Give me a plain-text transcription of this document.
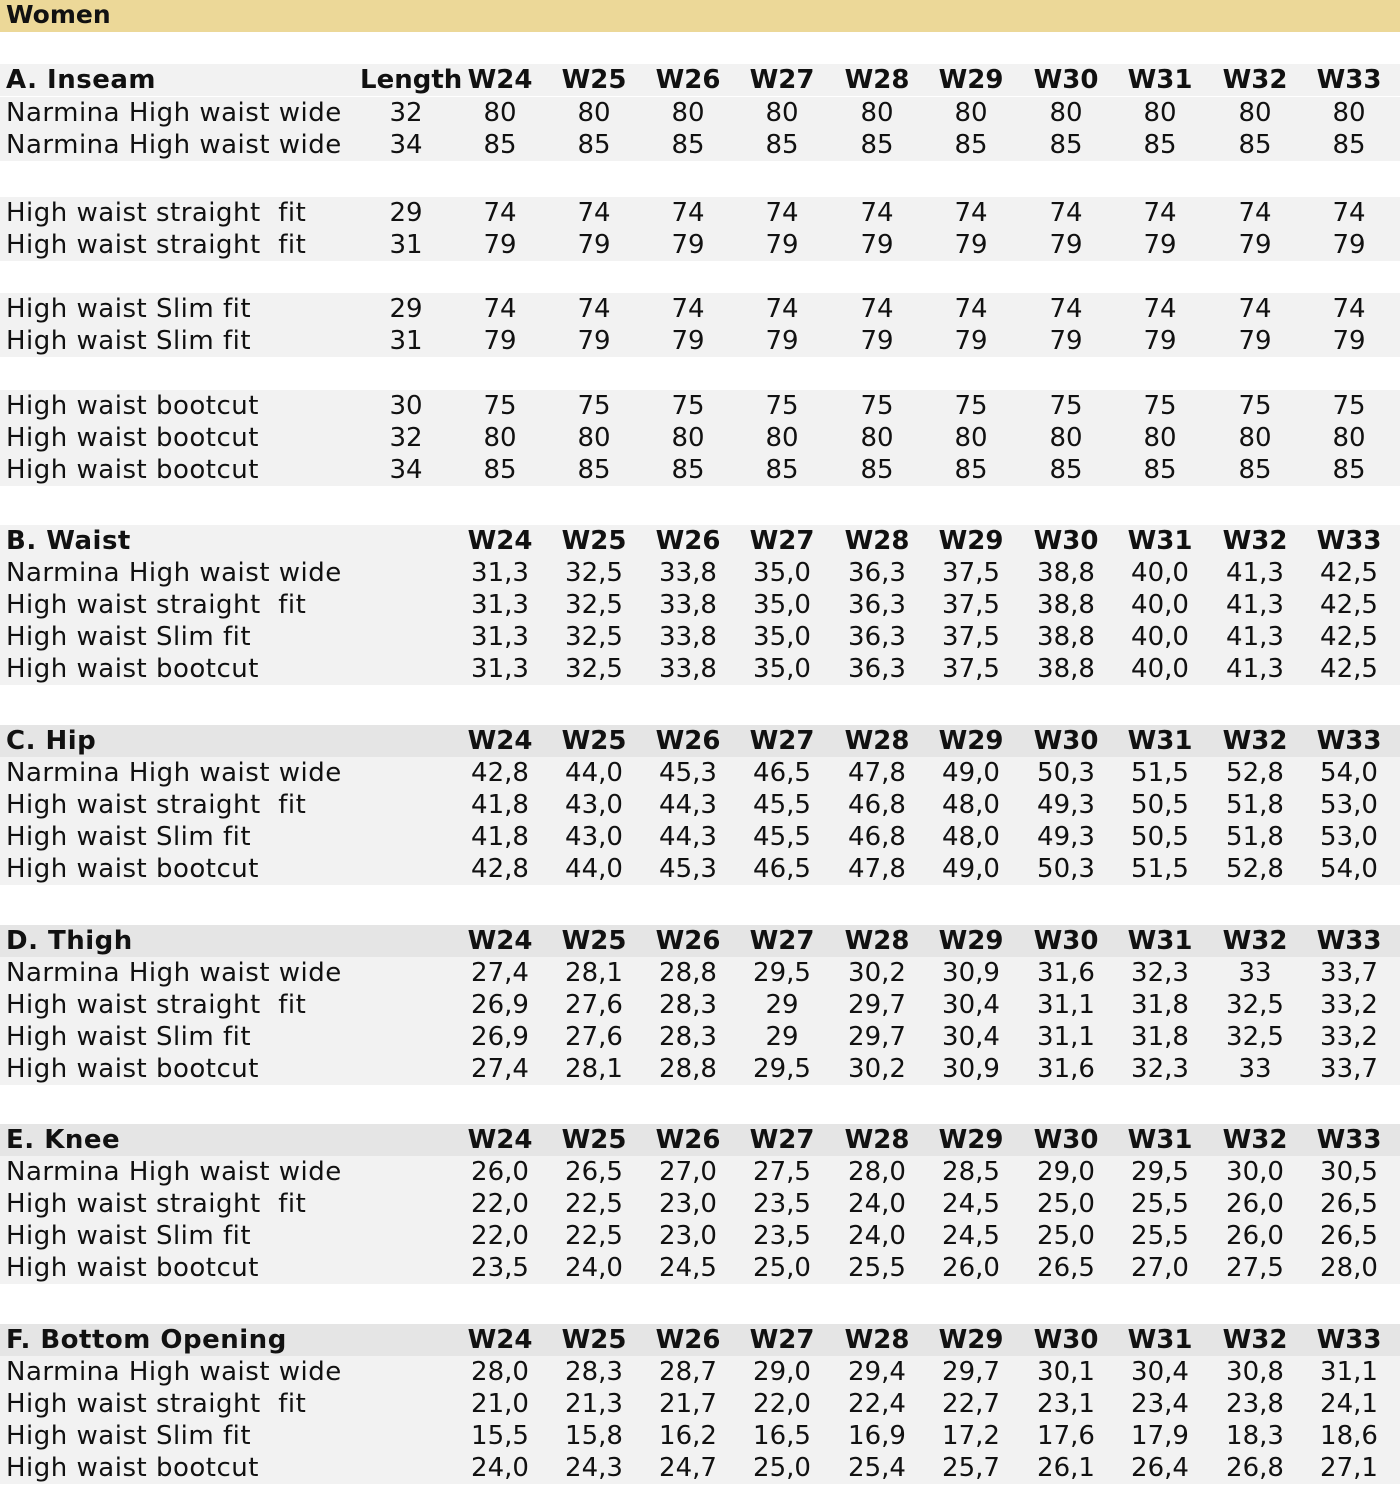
Women
A. Inseam	Length W24	W25	W26	W27	W28	W29	W30	W31	W32	W33
Narmina High waist wide	32	80	80	80	80	80	80	80	80	80	80
Narmina High waist wide	34	85	85	85	85	85	85	85	85	85	85
High waist straight  fit	29	74	74	74	74	74	74	74	74	74	74
High waist straight  fit	31	79	79	79	79	79	79	79	79	79	79
High waist Slim fit	29	74	74	74	74	74	74	74	74	74	74
High waist Slim fit	31	79	79	79	79	79	79	79	79	79	79
High waist bootcut	30	75	75	75	75	75	75	75	75	75	75
High waist bootcut	32	80	80	80	80	80	80	80	80	80	80
High waist bootcut	34	85	85	85	85	85	85	85	85	85	85
B. Waist	W24	W25	W26	W27	W28	W29	W30	W31	W32	W33
Narmina High waist wide	31,3	32,5	33,8	35,0	36,3	37,5	38,8	40,0	41,3	42,5
High waist straight  fit	31,3	32,5	33,8	35,0	36,3	37,5	38,8	40,0	41,3	42,5
High waist Slim fit	31,3	32,5	33,8	35,0	36,3	37,5	38,8	40,0	41,3	42,5
High waist bootcut	31,3	32,5	33,8	35,0	36,3	37,5	38,8	40,0	41,3	42,5
C. Hip	W24	W25	W26	W27	W28	W29	W30	W31	W32	W33
Narmina High waist wide	42,8	44,0	45,3	46,5	47,8	49,0	50,3	51,5	52,8	54,0
High waist straight  fit	41,8	43,0	44,3	45,5	46,8	48,0	49,3	50,5	51,8	53,0
High waist Slim fit	41,8	43,0	44,3	45,5	46,8	48,0	49,3	50,5	51,8	53,0
High waist bootcut	42,8	44,0	45,3	46,5	47,8	49,0	50,3	51,5	52,8	54,0
D. Thigh	W24	W25	W26	W27	W28	W29	W30	W31	W32	W33
Narmina High waist wide	27,4	28,1	28,8	29,5	30,2	30,9	31,6	32,3	33	33,7
High waist straight  fit	26,9	27,6	28,3	29	29,7	30,4	31,1	31,8	32,5	33,2
High waist Slim fit	26,9	27,6	28,3	29	29,7	30,4	31,1	31,8	32,5	33,2
High waist bootcut	27,4	28,1	28,8	29,5	30,2	30,9	31,6	32,3	33	33,7
E. Knee	W24	W25	W26	W27	W28	W29	W30	W31	W32	W33
Narmina High waist wide	26,0	26,5	27,0	27,5	28,0	28,5	29,0	29,5	30,0	30,5
High waist straight  fit	22,0	22,5	23,0	23,5	24,0	24,5	25,0	25,5	26,0	26,5
High waist Slim fit	22,0	22,5	23,0	23,5	24,0	24,5	25,0	25,5	26,0	26,5
High waist bootcut	23,5	24,0	24,5	25,0	25,5	26,0	26,5	27,0	27,5	28,0
F. Bottom Opening	W24	W25	W26	W27	W28	W29	W30	W31	W32	W33
Narmina High waist wide	28,0	28,3	28,7	29,0	29,4	29,7	30,1	30,4	30,8	31,1
High waist straight  fit	21,0	21,3	21,7	22,0	22,4	22,7	23,1	23,4	23,8	24,1
High waist Slim fit	15,5	15,8	16,2	16,5	16,9	17,2	17,6	17,9	18,3	18,6
High waist bootcut	24,0	24,3	24,7	25,0	25,4	25,7	26,1	26,4	26,8	27,1
